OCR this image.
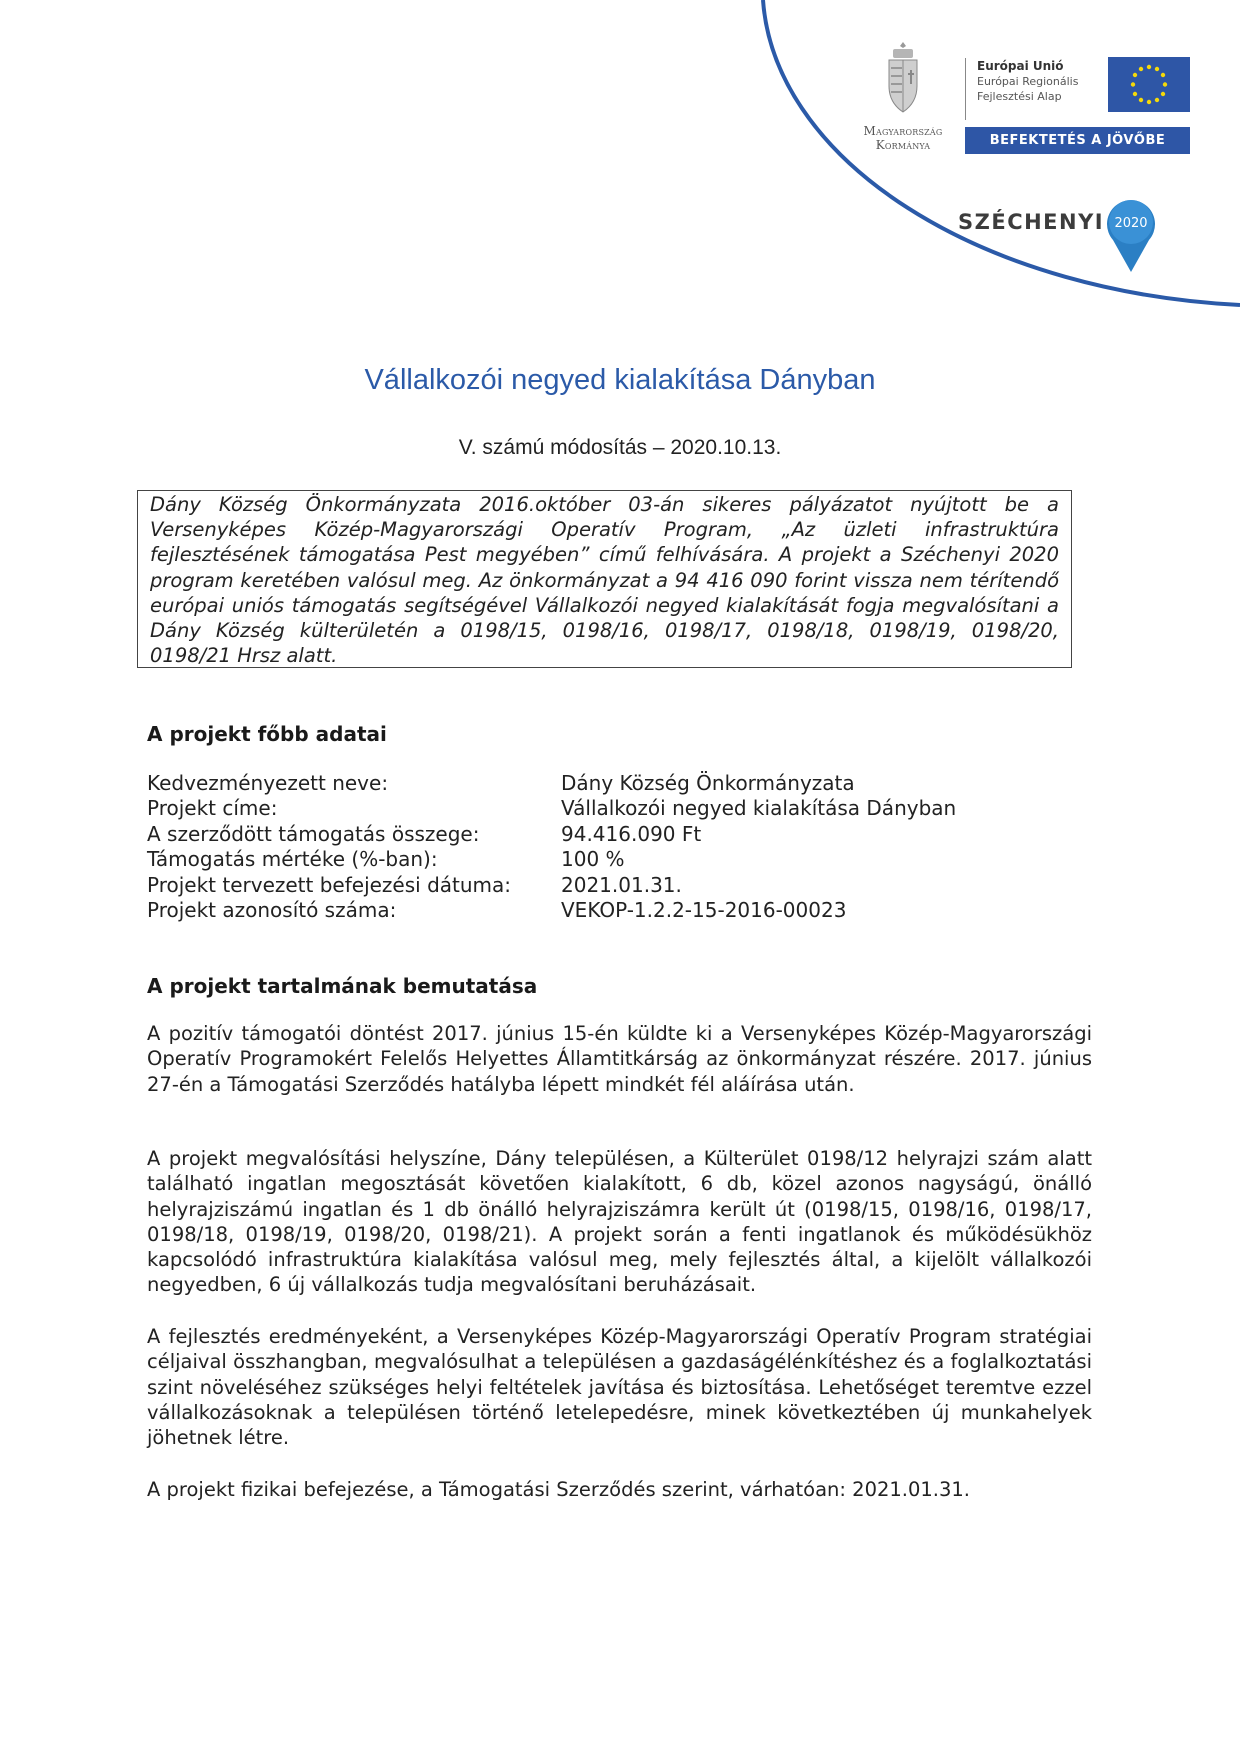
Magyarország
Kormánya
Európai Unió
Európai Regionális
Fejlesztési Alap
BEFEKTETÉS A JÖVŐBE
SZÉCHENYI 2020
Vállalkozói negyed kialakítása Dányban
V. számú módosítás – 2020.10.13.

Dány Község Önkormányzata 2016.október 03-án sikeres pályázatot nyújtott be a Versenyképes Közép-Magyarországi Operatív Program, „Az üzleti infrastruktúra fejlesztésének támogatása Pest megyében” című felhívására. A projekt a Széchenyi 2020 program keretében valósul meg. Az önkormányzat a 94 416 090 forint vissza nem térítendő európai uniós támogatás segítségével Vállalkozói negyed kialakítását fogja megvalósítani a Dány Község külterületén a 0198/15, 0198/16, 0198/17, 0198/18, 0198/19, 0198/20, 0198/21 Hrsz alatt.

A projekt főbb adatai
Kedvezményezett neve:	Dány Község Önkormányzata
Projekt címe:	Vállalkozói negyed kialakítása Dányban
A szerződött támogatás összege:	94.416.090 Ft
Támogatás mértéke (%-ban):	100 %
Projekt tervezett befejezési dátuma:	2021.01.31.
Projekt azonosító száma:	VEKOP-1.2.2-15-2016-00023
A projekt tartalmának bemutatása

A pozitív támogatói döntést 2017. június 15-én küldte ki a Versenyképes Közép-Magyarországi Operatív Programokért Felelős Helyettes Államtitkárság az önkormányzat részére. 2017. június 27-én a Támogatási Szerződés hatályba lépett mindkét fél aláírása után.

A projekt megvalósítási helyszíne, Dány településen, a Külterület 0198/12 helyrajzi szám alatt található ingatlan megosztását követően kialakított, 6 db, közel azonos nagyságú, önálló helyrajziszámú ingatlan és 1 db önálló helyrajziszámra került út (0198/15, 0198/16, 0198/17, 0198/18, 0198/19, 0198/20, 0198/21). A projekt során a fenti ingatlanok és működésükhöz kapcsolódó infrastruktúra kialakítása valósul meg, mely fejlesztés által, a kijelölt vállalkozói negyedben, 6 új vállalkozás tudja megvalósítani beruházásait.

A fejlesztés eredményeként, a Versenyképes Közép-Magyarországi Operatív Program stratégiai céljaival összhangban, megvalósulhat a településen a gazdaságélénkítéshez és a foglalkoztatási szint növeléséhez szükséges helyi feltételek javítása és biztosítása. Lehetőséget teremtve ezzel vállalkozásoknak a településen történő letelepedésre, minek következtében új munkahelyek jöhetnek létre.

A projekt fizikai befejezése, a Támogatási Szerződés szerint, várhatóan: 2021.01.31.
